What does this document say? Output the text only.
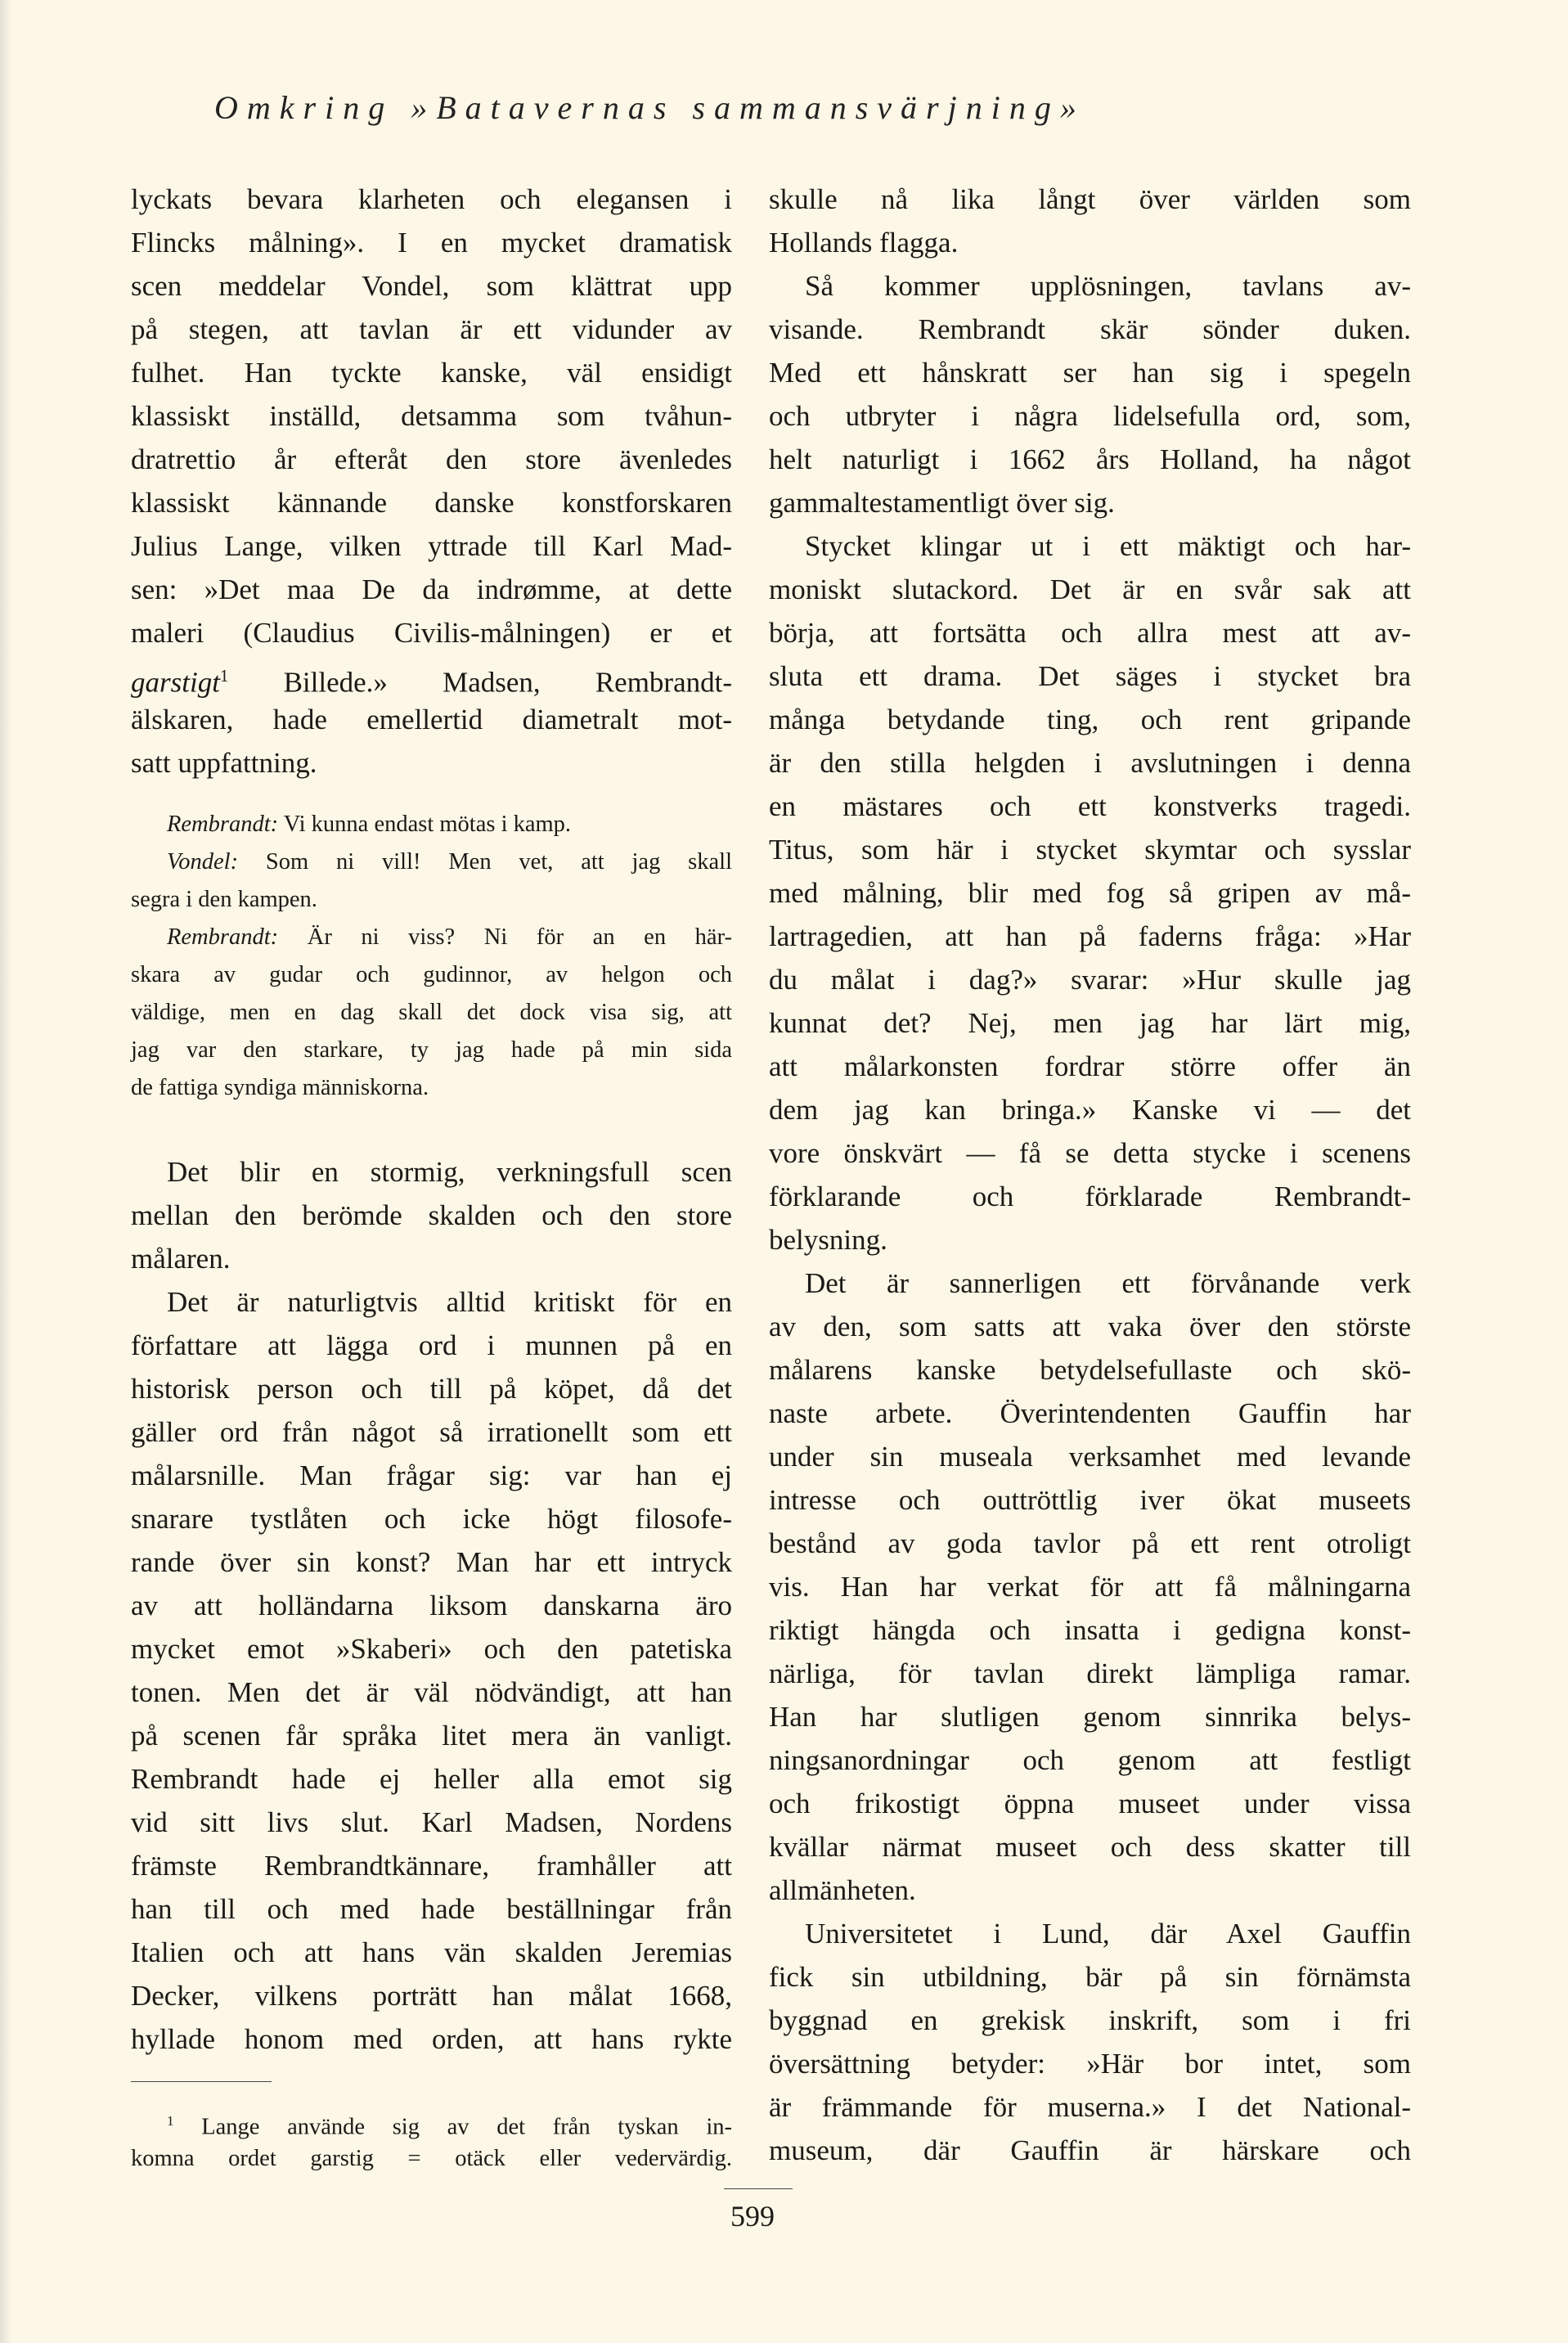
Omkring »Batavernas sammansvärjning»
lyckats bevara klarheten och elegansen i
Flincks målning». I en mycket dramatisk
scen meddelar Vondel, som klättrat upp
på stegen, att tavlan är ett vidunder av
fulhet. Han tyckte kanske, väl ensidigt
klassiskt inställd, detsamma som tvåhun-
dratrettio år efteråt den store ävenledes
klassiskt kännande danske konstforskaren
Julius Lange, vilken yttrade till Karl Mad-
sen: »Det maa De da indrømme, at dette
maleri (Claudius Civilis-målningen) er et
garstigt$^1$ Billede.» Madsen, Rembrandt-
älskaren, hade emellertid diametralt mot-
satt uppfattning.
Rembrandt: Vi kunna endast mötas i kamp.
Vondel: Som ni vill! Men vet, att jag skall
segra i den kampen.
Rembrandt: Är ni viss? Ni för an en här-
skara av gudar och gudinnor, av helgon och
väldige, men en dag skall det dock visa sig, att
jag var den starkare, ty jag hade på min sida
de fattiga syndiga människorna.
Det blir en stormig, verkningsfull scen
mellan den berömde skalden och den store
målaren.
Det är naturligtvis alltid kritiskt för en
författare att lägga ord i munnen på en
historisk person och till på köpet, då det
gäller ord från något så irrationellt som ett
målarsnille. Man frågar sig: var han ej
snarare tystlåten och icke högt filosofe-
rande över sin konst? Man har ett intryck
av att holländarna liksom danskarna äro
mycket emot »Skaberi» och den patetiska
tonen. Men det är väl nödvändigt, att han
på scenen får språka litet mera än vanligt.
Rembrandt hade ej heller alla emot sig
vid sitt livs slut. Karl Madsen, Nordens
främste Rembrandtkännare, framhåller att
han till och med hade beställningar från
Italien och att hans vän skalden Jeremias
Decker, vilkens porträtt han målat 1668,
hyllade honom med orden, att hans rykte
$^1$ Lange använde sig av det från tyskan in-
komna ordet garstig = otäck eller vedervärdig.
skulle nå lika långt över världen som
Hollands flagga.
Så kommer upplösningen, tavlans av-
visande. Rembrandt skär sönder duken.
Med ett hånskratt ser han sig i spegeln
och utbryter i några lidelsefulla ord, som,
helt naturligt i 1662 års Holland, ha något
gammaltestamentligt över sig.
Stycket klingar ut i ett mäktigt och har-
moniskt slutackord. Det är en svår sak att
börja, att fortsätta och allra mest att av-
sluta ett drama. Det säges i stycket bra
många betydande ting, och rent gripande
är den stilla helgden i avslutningen i denna
en mästares och ett konstverks tragedi.
Titus, som här i stycket skymtar och sysslar
med målning, blir med fog så gripen av må-
lartragedien, att han på faderns fråga: »Har
du målat i dag?» svarar: »Hur skulle jag
kunnat det? Nej, men jag har lärt mig,
att målarkonsten fordrar större offer än
dem jag kan bringa.» Kanske vi — det
vore önskvärt — få se detta stycke i scenens
förklarande och förklarade Rembrandt-
belysning.
Det är sannerligen ett förvånande verk
av den, som satts att vaka över den störste
målarens kanske betydelsefullaste och skö-
naste arbete. Överintendenten Gauffin har
under sin museala verksamhet med levande
intresse och outtröttlig iver ökat museets
bestånd av goda tavlor på ett rent otroligt
vis. Han har verkat för att få målningarna
riktigt hängda och insatta i gedigna konst-
närliga, för tavlan direkt lämpliga ramar.
Han har slutligen genom sinnrika belys-
ningsanordningar och genom att festligt
och frikostigt öppna museet under vissa
kvällar närmat museet och dess skatter till
allmänheten.
Universitetet i Lund, där Axel Gauffin
fick sin utbildning, bär på sin förnämsta
byggnad en grekisk inskrift, som i fri
översättning betyder: »Här bor intet, som
är främmande för muserna.» I det National-
museum, där Gauffin är härskare och
599
